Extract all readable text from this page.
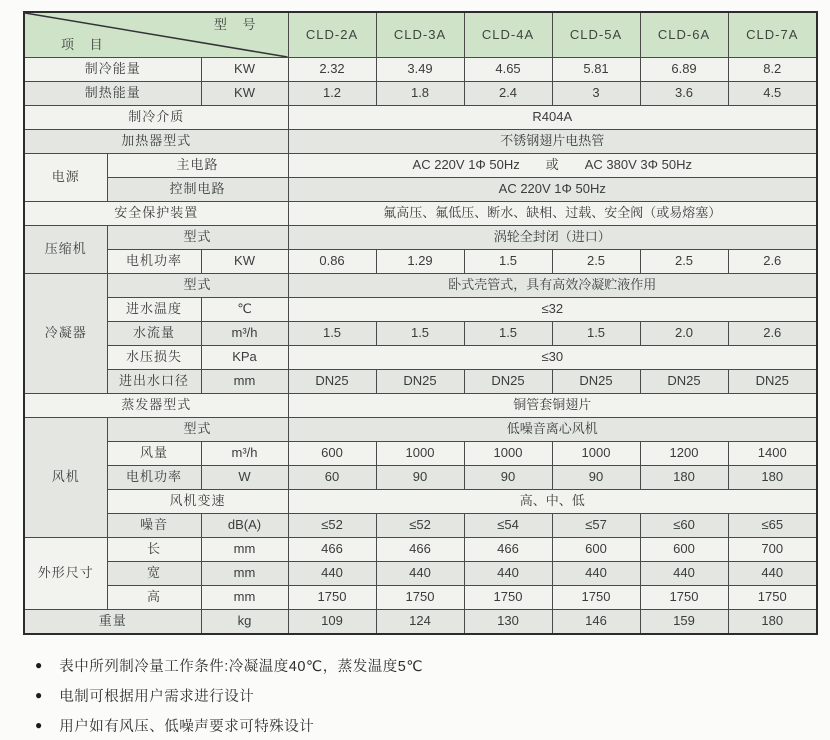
型 号
项 目			CLD-2A	CLD-3A	CLD-4A	CLD-5A	CLD-6A	CLD-7A
制冷能量		KW	2.32	3.49	4.65	5.81	6.89	8.2
制热能量		KW	1.2	1.8	2.4	3	3.6	4.5
制冷介质			R404A					
加热器型式			不锈钢翅片电热管					
电源	主电路		AC 220V 1Φ 50Hz　　或　　AC 380V 3Φ 50Hz					
	控制电路		AC 220V 1Φ 50Hz					
安全保护装置			氟高压、氟低压、断水、缺相、过载、安全阀（或易熔塞）					
压缩机	型式		涡轮全封闭（进口）					
	电机功率	KW	0.86	1.29	1.5	2.5	2.5	2.6
冷凝器	型式		卧式壳管式，具有高效冷凝贮液作用					
	进水温度	℃	≤32					
	水流量	m³/h	1.5	1.5	1.5	1.5	2.0	2.6
	水压损失	KPa	≤30					
	进出水口径	mm	DN25	DN25	DN25	DN25	DN25	DN25
蒸发器型式			铜管套铜翅片					
风机	型式		低噪音离心风机					
	风量	m³/h	600	1000	1000	1000	1200	1400
	电机功率	W	60	90	90	90	180	180
	风机变速		高、中、低					
	噪音	dB(A)	≤52	≤52	≤54	≤57	≤60	≤65
外形尺寸	长	mm	466	466	466	600	600	700
	宽	mm	440	440	440	440	440	440
	高	mm	1750	1750	1750	1750	1750	1750
重量		kg	109	124	130	146	159	180
● 表中所列制冷量工作条件:冷凝温度40℃，蒸发温度5℃
● 电制可根据用户需求进行设计
● 用户如有风压、低噪声要求可特殊设计
